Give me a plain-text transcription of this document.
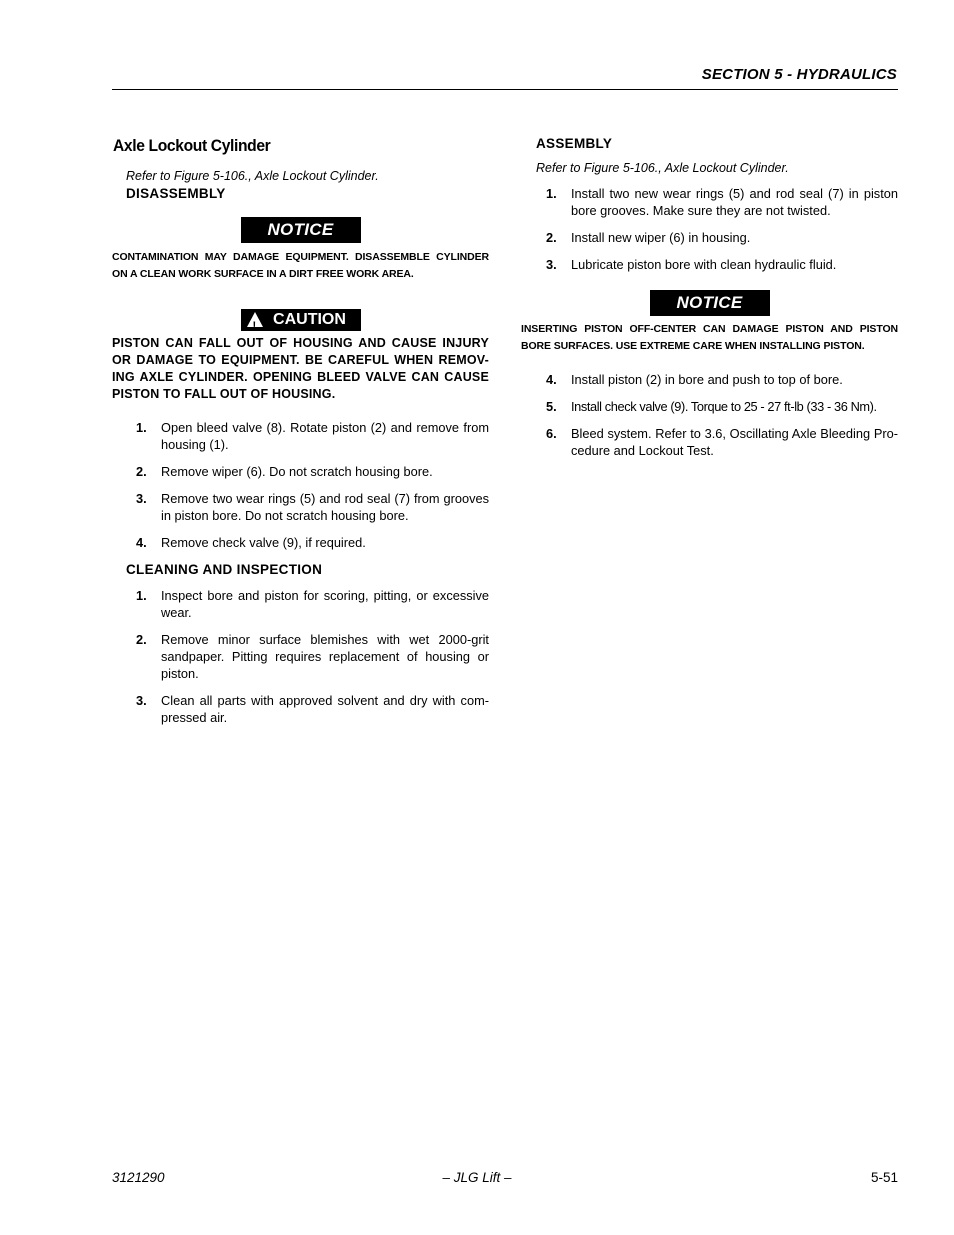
SECTION 5 - HYDRAULICS
Axle Lockout Cylinder
Refer to Figure 5-106., Axle Lockout Cylinder.
DISASSEMBLY
NOTICE
CONTAMINATION MAY DAMAGE EQUIPMENT. DISASSEMBLE CYLINDER ON A CLEAN WORK SURFACE IN A DIRT FREE WORK AREA.
! CAUTION
PISTON CAN FALL OUT OF HOUSING AND CAUSE INJURY OR DAMAGE TO EQUIPMENT. BE CAREFUL WHEN REMOV-ING AXLE CYLINDER. OPENING BLEED VALVE CAN CAUSE PISTON TO FALL OUT OF HOUSING.
1. Open bleed valve (8). Rotate piston (2) and remove from housing (1).
2. Remove wiper (6). Do not scratch housing bore.
3. Remove two wear rings (5) and rod seal (7) from grooves in piston bore. Do not scratch housing bore.
4. Remove check valve (9), if required.
CLEANING AND INSPECTION
1. Inspect bore and piston for scoring, pitting, or excessive wear.
2. Remove minor surface blemishes with wet 2000-grit sandpaper. Pitting requires replacement of housing or piston.
3. Clean all parts with approved solvent and dry with com-pressed air.
ASSEMBLY
Refer to Figure 5-106., Axle Lockout Cylinder.
1. Install two new wear rings (5) and rod seal (7) in piston bore grooves. Make sure they are not twisted.
2. Install new wiper (6) in housing.
3. Lubricate piston bore with clean hydraulic fluid.
NOTICE
INSERTING PISTON OFF-CENTER CAN DAMAGE PISTON AND PISTON BORE SURFACES. USE EXTREME CARE WHEN INSTALLING PISTON.
4. Install piston (2) in bore and push to top of bore.
5. Install check valve (9). Torque to 25 - 27 ft-lb (33 - 36 Nm).
6. Bleed system. Refer to 3.6, Oscillating Axle Bleeding Pro-cedure and Lockout Test.
– JLG Lift –
3121290	5-51
